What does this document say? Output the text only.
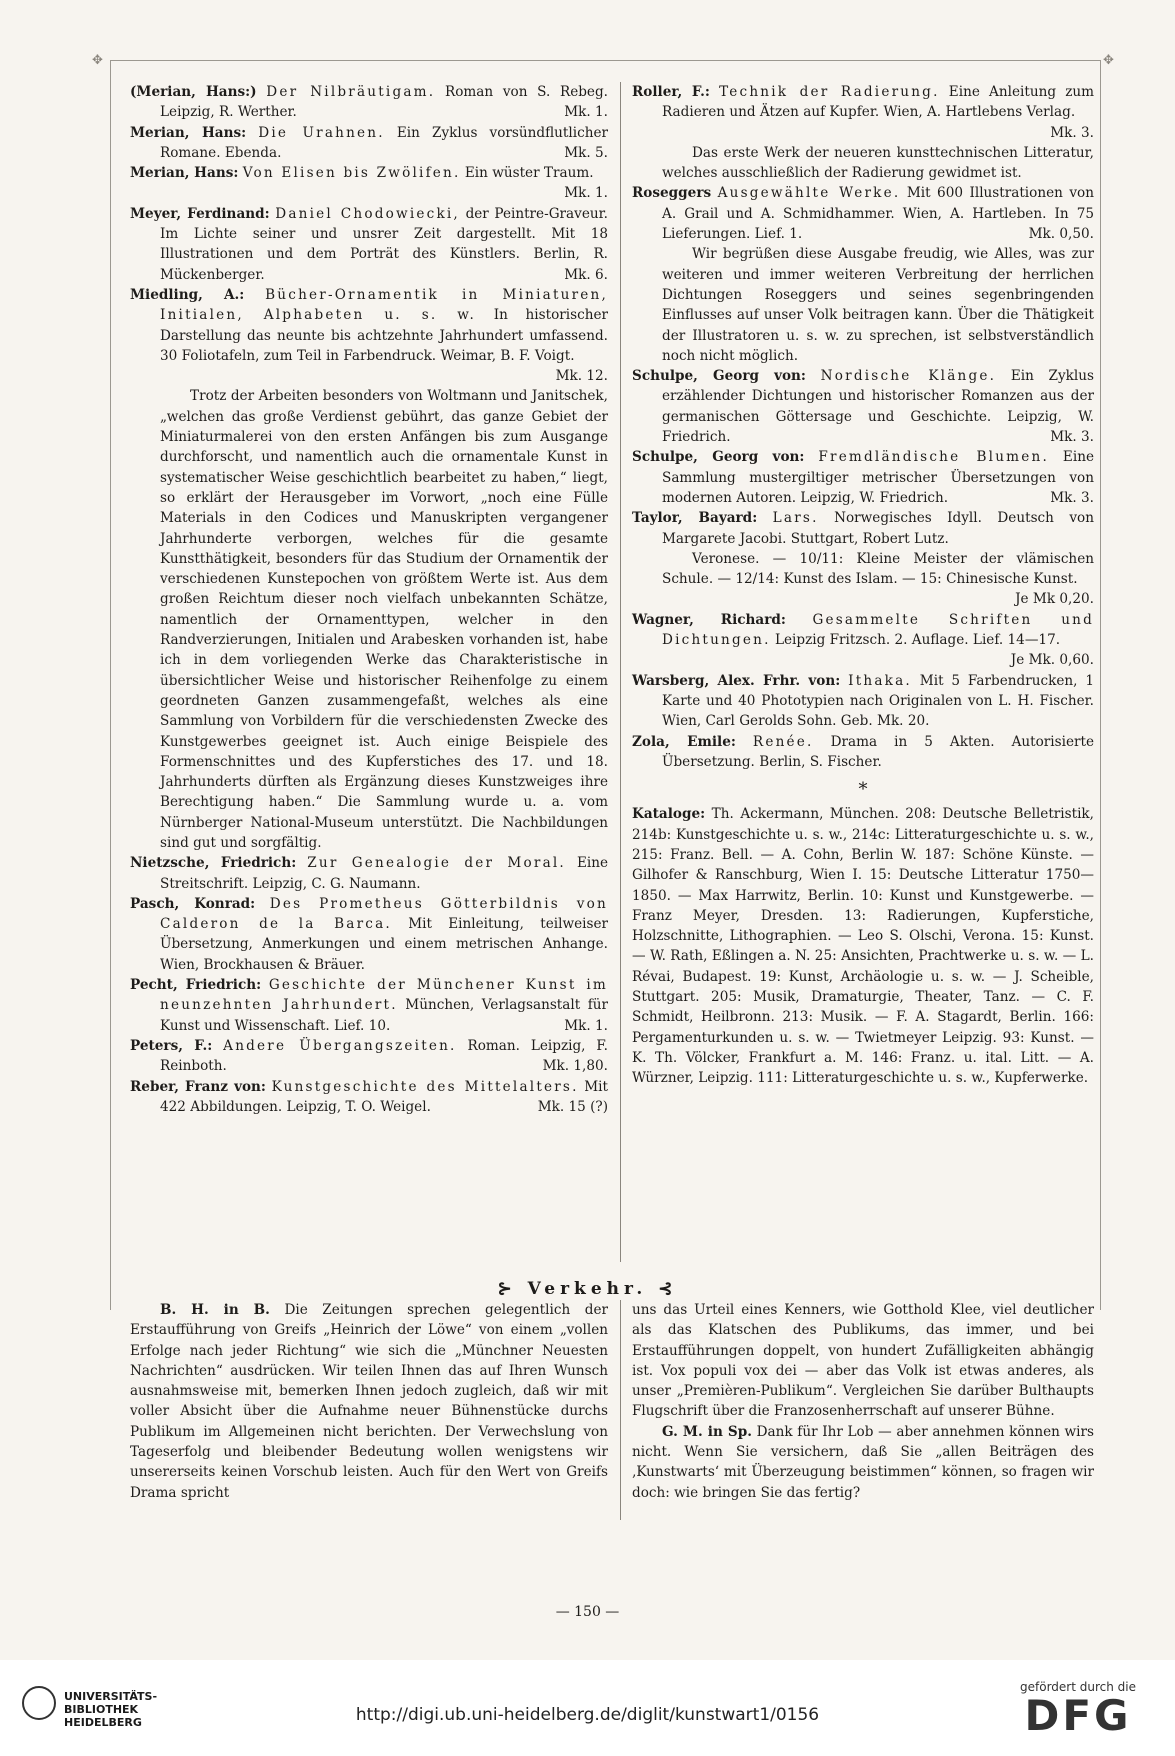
✥	✥
(Merian, Hans:) Der Nilbräutigam. Roman von S. Rebeg. Leipzig, R. Werther.	Mk. 1.
Merian, Hans: Die Urahnen. Ein Zyklus vorsündflutlicher Romane. Ebenda.	Mk. 5.
Merian, Hans: Von Elisen bis Zwölifen. Ein wüster Traum.
Mk. 1.
Meyer, Ferdinand: Daniel Chodowiecki, der Peintre-Graveur. Im Lichte seiner und unsrer Zeit dargestellt. Mit 18 Illustrationen und dem Porträt des Künstlers. Berlin, R. Mückenberger.	Mk. 6.
Miedling, A.: Bücher-Ornamentik in Miniaturen, Initialen, Alphabeten u. s. w. In historischer Darstellung das neunte bis achtzehnte Jahrhundert umfassend. 30 Foliotafeln, zum Teil in Farbendruck. Weimar, B. F. Voigt.
Mk. 12.
Trotz der Arbeiten besonders von Woltmann und Janitschek, „welchen das große Verdienst gebührt, das ganze Gebiet der Miniaturmalerei von den ersten Anfängen bis zum Ausgange durchforscht, und namentlich auch die ornamentale Kunst in systematischer Weise geschichtlich bearbeitet zu haben,“ liegt, so erklärt der Herausgeber im Vorwort, „noch eine Fülle Materials in den Codices und Manuskripten vergangener Jahrhunderte verborgen, welches für die gesamte Kunstthätigkeit, besonders für das Studium der Ornamentik der verschiedenen Kunstepochen von größtem Werte ist. Aus dem großen Reichtum dieser noch vielfach unbekannten Schätze, namentlich der Ornamenttypen, welcher in den Randverzierungen, Initialen und Arabesken vorhanden ist, habe ich in dem vorliegenden Werke das Charakteristische in übersichtlicher Weise und historischer Reihenfolge zu einem geordneten Ganzen zusammengefaßt, welches als eine Sammlung von Vorbildern für die verschiedensten Zwecke des Kunstgewerbes geeignet ist. Auch einige Beispiele des Formenschnittes und des Kupferstiches des 17. und 18. Jahrhunderts dürften als Ergänzung dieses Kunstzweiges ihre Berechtigung haben.“ Die Sammlung wurde u. a. vom Nürnberger National-Museum unterstützt. Die Nachbildungen sind gut und sorgfältig.
Nietzsche, Friedrich: Zur Genealogie der Moral. Eine Streitschrift. Leipzig, C. G. Naumann.
Pasch, Konrad: Des Prometheus Götterbildnis von Calderon de la Barca. Mit Einleitung, teilweiser Übersetzung, Anmerkungen und einem metrischen Anhange. Wien, Brockhausen & Bräuer.
Pecht, Friedrich: Geschichte der Münchener Kunst im neunzehnten Jahrhundert. München, Verlagsanstalt für Kunst und Wissenschaft. Lief. 10.	Mk. 1.
Peters, F.: Andere Übergangszeiten. Roman. Leipzig, F. Reinboth.	Mk. 1,80.
Reber, Franz von: Kunstgeschichte des Mittelalters. Mit 422 Abbildungen. Leipzig, T. O. Weigel.	Mk. 15 (?)
Roller, F.: Technik der Radierung. Eine Anleitung zum Radieren und Ätzen auf Kupfer. Wien, A. Hartlebens Verlag.
Mk. 3.
Das erste Werk der neueren kunsttechnischen Litteratur, welches ausschließlich der Radierung gewidmet ist.
Roseggers Ausgewählte Werke. Mit 600 Illustrationen von A. Grail und A. Schmidhammer. Wien, A. Hartleben. In 75 Lieferungen. Lief. 1.	Mk. 0,50.
Wir begrüßen diese Ausgabe freudig, wie Alles, was zur weiteren und immer weiteren Verbreitung der herrlichen Dichtungen Roseggers und seines segenbringenden Einflusses auf unser Volk beitragen kann. Über die Thätigkeit der Illustratoren u. s. w. zu sprechen, ist selbstverständlich noch nicht möglich.
Schulpe, Georg von: Nordische Klänge. Ein Zyklus erzählender Dichtungen und historischer Romanzen aus der germanischen Göttersage und Geschichte. Leipzig, W. Friedrich.	Mk. 3.
Schulpe, Georg von: Fremdländische Blumen. Eine Sammlung mustergiltiger metrischer Übersetzungen von modernen Autoren. Leipzig, W. Friedrich.	Mk. 3.
Taylor, Bayard: Lars. Norwegisches Idyll. Deutsch von Margarete Jacobi. Stuttgart, Robert Lutz.
Veronese. — 10/11: Kleine Meister der vlämischen Schule. — 12/14: Kunst des Islam. — 15: Chinesische Kunst.
Je Mk 0,20.
Wagner, Richard: Gesammelte Schriften und Dichtungen. Leipzig Fritzsch. 2. Auflage. Lief. 14—17.
Je Mk. 0,60.
Warsberg, Alex. Frhr. von: Ithaka. Mit 5 Farbendrucken, 1 Karte und 40 Phototypien nach Originalen von L. H. Fischer. Wien, Carl Gerolds Sohn. Geb. Mk. 20.
Zola, Emile: Renée. Drama in 5 Akten. Autorisierte Übersetzung. Berlin, S. Fischer.
*
Kataloge: Th. Ackermann, München. 208: Deutsche Belletristik, 214b: Kunstgeschichte u. s. w., 214c: Litteraturgeschichte u. s. w., 215: Franz. Bell. — A. Cohn, Berlin W. 187: Schöne Künste. — Gilhofer & Ranschburg, Wien I. 15: Deutsche Litteratur 1750—1850. — Max Harrwitz, Berlin. 10: Kunst und Kunstgewerbe. — Franz Meyer, Dresden. 13: Radierungen, Kupferstiche, Holzschnitte, Lithographien. — Leo S. Olschi, Verona. 15: Kunst. — W. Rath, Eßlingen a. N. 25: Ansichten, Prachtwerke u. s. w. — L. Révai, Budapest. 19: Kunst, Archäologie u. s. w. — J. Scheible, Stuttgart. 205: Musik, Dramaturgie, Theater, Tanz. — C. F. Schmidt, Heilbronn. 213: Musik. — F. A. Stagardt, Berlin. 166: Pergamenturkunden u. s. w. — Twietmeyer Leipzig. 93: Kunst. — K. Th. Völcker, Frankfurt a. M. 146: Franz. u. ital. Litt. — A. Würzner, Leipzig. 111: Litteraturgeschichte u. s. w., Kupferwerke.
⊱ Verkehr. ⊰
B. H. in B. Die Zeitungen sprechen gelegentlich der Erstaufführung von Greifs „Heinrich der Löwe“ von einem „vollen Erfolge nach jeder Richtung“ wie sich die „Münchner Neuesten Nachrichten“ ausdrücken. Wir teilen Ihnen das auf Ihren Wunsch ausnahmsweise mit, bemerken Ihnen jedoch zugleich, daß wir mit voller Absicht über die Aufnahme neuer Bühnenstücke durchs Publikum im Allgemeinen nicht berichten. Der Verwechslung von Tageserfolg und bleibender Bedeutung wollen wenigstens wir unsererseits keinen Vorschub leisten. Auch für den Wert von Greifs Drama spricht
uns das Urteil eines Kenners, wie Gotthold Klee, viel deutlicher als das Klatschen des Publikums, das immer, und bei Erstaufführungen doppelt, von hundert Zufälligkeiten abhängig ist. Vox populi vox dei — aber das Volk ist etwas anderes, als unser „Premièren-Publikum“. Vergleichen Sie darüber Bulthaupts Flugschrift über die Franzosenherrschaft auf unserer Bühne.
G. M. in Sp. Dank für Ihr Lob — aber annehmen können wirs nicht. Wenn Sie versichern, daß Sie „allen Beiträgen des ‚Kunstwarts‘ mit Überzeugung beistimmen“ können, so fragen wir doch: wie bringen Sie das fertig?
— 150 —
UNIVERSITÄTS-
BIBLIOTHEK
HEIDELBERG	http://digi.ub.uni-heidelberg.de/diglit/kunstwart1/0156
gefördert durch die
DFG
